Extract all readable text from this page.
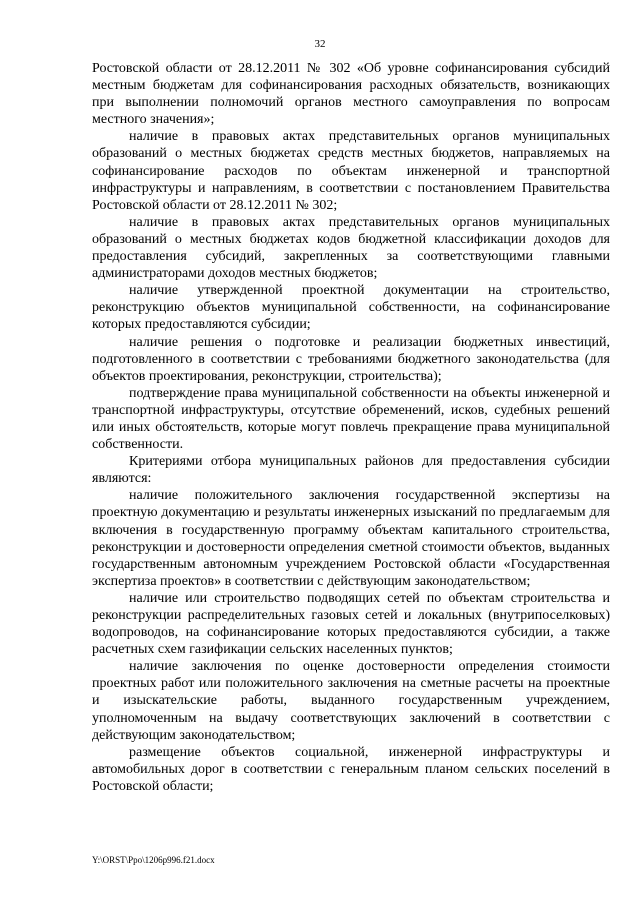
32

Ростовской области от 28.12.2011 № 302 «Об уровне софинансирования субсидий местным бюджетам для софинансирования расходных обязательств, возникающих при выполнении полномочий органов местного самоуправления по вопросам местного значения»;

наличие в правовых актах представительных органов муниципальных образований о местных бюджетах средств местных бюджетов, направляемых на софинансирование расходов по объектам инженерной и транспортной инфраструктуры и направлениям, в соответствии с постановлением Правительства Ростовской области от 28.12.2011 № 302;

наличие в правовых актах представительных органов муниципальных образований о местных бюджетах кодов бюджетной классификации доходов для предоставления субсидий, закрепленных за соответствующими главными администраторами доходов местных бюджетов;

наличие утвержденной проектной документации на строительство, реконструкцию объектов муниципальной собственности, на софинансирование которых предоставляются субсидии;

наличие решения о подготовке и реализации бюджетных инвестиций, подготовленного в соответствии с требованиями бюджетного законодательства (для объектов проектирования, реконструкции, строительства);

подтверждение права муниципальной собственности на объекты инженерной и транспортной инфраструктуры, отсутствие обременений, исков, судебных решений или иных обстоятельств, которые могут повлечь прекращение права муниципальной собственности.

Критериями отбора муниципальных районов для предоставления субсидии являются:

наличие положительного заключения государственной экспертизы на проектную документацию и результаты инженерных изысканий по предлагаемым для включения в государственную программу объектам капитального строительства, реконструкции и достоверности определения сметной стоимости объектов, выданных государственным автономным учреждением Ростовской области «Государственная экспертиза проектов» в соответствии с действующим законодательством;

наличие или строительство подводящих сетей по объектам строительства и реконструкции распределительных газовых сетей и локальных (внутрипоселковых) водопроводов, на софинансирование которых предоставляются субсидии, а также расчетных схем газификации сельских населенных пунктов;

наличие заключения по оценке достоверности определения стоимости проектных работ или положительного заключения на сметные расчеты на проектные и изыскательские работы, выданного государственным учреждением, уполномоченным на выдачу соответствующих заключений в соответствии с действующим законодательством;

размещение объектов социальной, инженерной инфраструктуры и автомобильных дорог в соответствии с генеральным планом сельских поселений в Ростовской области;

Y:\ORST\Ppo\1206p996.f21.docx
